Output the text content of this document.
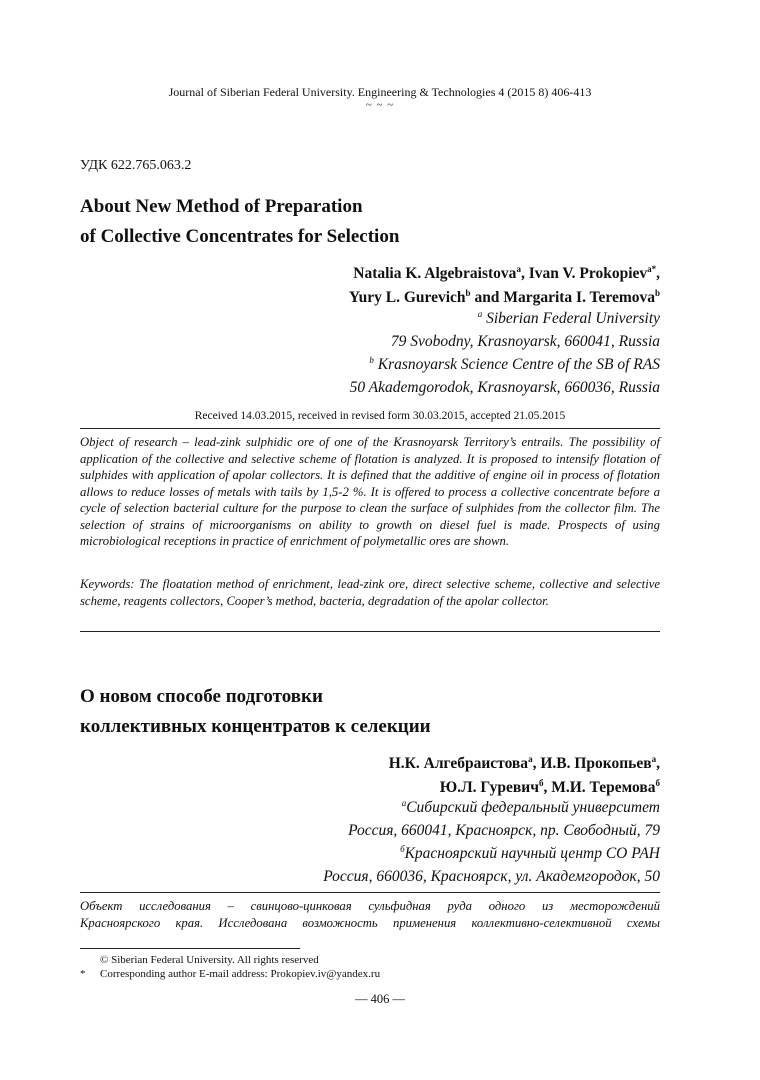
Journal of Siberian Federal University. Engineering & Technologies 4 (2015 8) 406-413
~ ~ ~
УДК 622.765.063.2
About New Method of Preparation
of Collective Concentrates for Selection
Natalia K. Algebraistova$^a$, Ivan V. Prokopiev$^{a*}$,
Yury L. Gurevich$^b$ and Margarita I. Teremova$^b$
$^a$ Siberian Federal University
79 Svobodny, Krasnoyarsk, 660041, Russia
$^b$ Krasnoyarsk Science Centre of the SB of RAS
50 Akademgorodok, Krasnoyarsk, 660036, Russia
Received 14.03.2015, received in revised form 30.03.2015, accepted 21.05.2015
Object of research – lead-zink sulphidic ore of one of the Krasnoyarsk Territory’s entrails. The possibility of application of the collective and selective scheme of flotation is analyzed. It is proposed to intensify flotation of sulphides with application of apolar collectors. It is defined that the additive of engine oil in process of flotation allows to reduce losses of metals with tails by 1,5-2 %. It is offered to process a collective concentrate before a cycle of selection bacterial culture for the purpose to clean the surface of sulphides from the collector film. The selection of strains of microorganisms on ability to growth on diesel fuel is made. Prospects of using microbiological receptions in practice of enrichment of polymetallic ores are shown.
Keywords: The floatation method of enrichment, lead-zink ore, direct selective scheme, collective and selective scheme, reagents collectors, Cooper’s method, bacteria, degradation of the apolar collector.
О новом способе подготовки
коллективных концентратов к селекции
Н.К. Алгебраистова$^а$, И.В. Прокопьев$^а$,
Ю.Л. Гуревич$^б$, М.И. Теремова$^б$
$^а$Сибирский федеральный университет
Россия, 660041, Красноярск, пр. Свободный, 79
$^б$Красноярский научный центр СО РАН
Россия, 660036, Красноярск, ул. Академгородок, 50
Объект исследования – свинцово-цинковая сульфидная руда одного из месторождений
Красноярского края. Исследована возможность применения коллективно-селективной схемы
© Siberian Federal University. All rights reserved
*	Corresponding author E-mail address: Prokopiev.iv@yandex.ru
— 406 —
